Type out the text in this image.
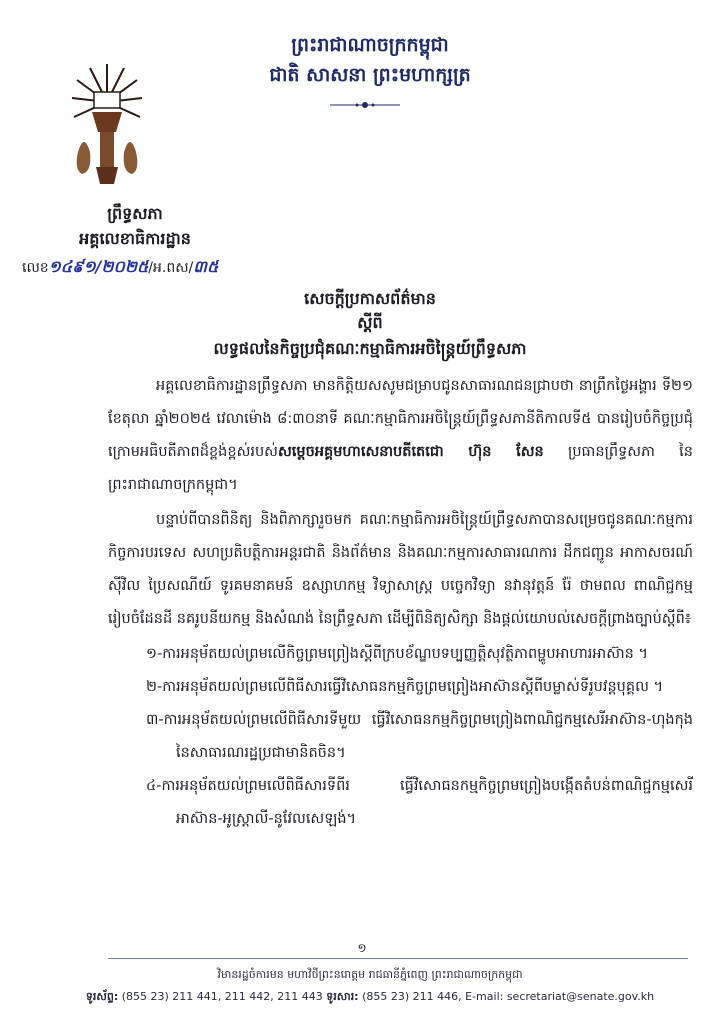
ព្រះរាជាណាចក្រកម្ពុជា
ជាតិ សាសនា ព្រះមហាក្សត្រ
ព្រឹទ្ធសភា
អគ្គលេខាធិការដ្ឋាន
លេខ១៤៩១/២០២៥/អ.ពស/៣៥
សេចក្តីប្រកាសព័ត៌មាន
ស្តីពី
លទ្ធផលនៃកិច្ចប្រជុំគណៈកម្មាធិការអចិន្ត្រៃយ៍ព្រឹទ្ធសភា

អគ្គលេខាធិការដ្ឋានព្រឹទ្ធសភា មានកិត្តិយសសូមជម្រាបជូនសាធារណជនជ្រាបថា នាព្រឹកថ្ងៃអង្គារ ទី២១ ខែតុលា ឆ្នាំ២០២៥ វេលាម៉ោង ៨:៣០នាទី គណៈកម្មាធិការអចិន្ត្រៃយ៍ព្រឹទ្ធសភានីតិកាលទី៥ បានរៀបចំកិច្ចប្រជុំក្រោមអធិបតីភាពដ៏ខ្ពង់ខ្ពស់របស់សម្តេចអគ្គមហាសេនាបតីតេជោ ហ៊ុន សែន ប្រធានព្រឹទ្ធសភា នៃព្រះរាជាណាចក្រកម្ពុជា។

បន្ទាប់ពីបានពិនិត្យ និងពិភាក្សារួចមក គណៈកម្មាធិការអចិន្ត្រៃយ៍ព្រឹទ្ធសភាបានសម្រេចជូនគណៈកម្មការកិច្ចការបរទេស សហប្រតិបត្តិការអន្តរជាតិ និងព័ត៌មាន និងគណៈកម្មការសាធារណការ ដឹកជញ្ជូន អាកាសចរណ៍ស៊ីវិល ប្រៃសណីយ៍ ទូរគមនាគមន៍ ឧស្សាហកម្ម វិទ្យាសាស្ត្រ បច្ចេកវិទ្យា នវានុវត្តន៍ រ៉ែ ថាមពល ពាណិជ្ជកម្ម រៀបចំដែនដី នគរូបនីយកម្ម និងសំណង់ នៃព្រឹទ្ធសភា ដើម្បីពិនិត្យសិក្សា និងផ្តល់យោបល់សេចក្តីព្រាងច្បាប់ស្តីពី៖

១-ការអនុម័តយល់ព្រមលើកិច្ចព្រមព្រៀងស្តីពីក្របខ័ណ្ឌបទប្បញ្ញត្តិសុវត្ថិភាពម្ហូបអាហារអាស៊ាន ។
២-ការអនុម័តយល់ព្រមលើពិធីសារធ្វើវិសោធនកម្មកិច្ចព្រមព្រៀងអាស៊ានស្តីពីបម្លាស់ទីរូបវន្តបុគ្គល ។
៣-ការអនុម័តយល់ព្រមលើពិធីសារទីមួយ ធ្វើវិសោធនកម្មកិច្ចព្រមព្រៀងពាណិជ្ជកម្មសេរីអាស៊ាន-ហុងកុងនៃសាធារណរដ្ឋប្រជាមានិតចិន។
៤-ការអនុម័តយល់ព្រមលើពិធីសារទីពីរ ធ្វើវិសោធនកម្មកិច្ចព្រមព្រៀងបង្កើតតំបន់ពាណិជ្ជកម្មសេរីអាស៊ាន-អូស្ត្រាលី-នូវែលសេឡង់។
១
វិមានរដ្ឋចំការមន មហាវិថីព្រះនរោត្តម រាជធានីភ្នំពេញ ព្រះរាជាណាចក្រកម្ពុជា
ទូរស័ព្ទ: (855 23) 211 441, 211 442, 211 443 ទូរសារ: (855 23) 211 446, E-mail: secretariat@senate.gov.kh
